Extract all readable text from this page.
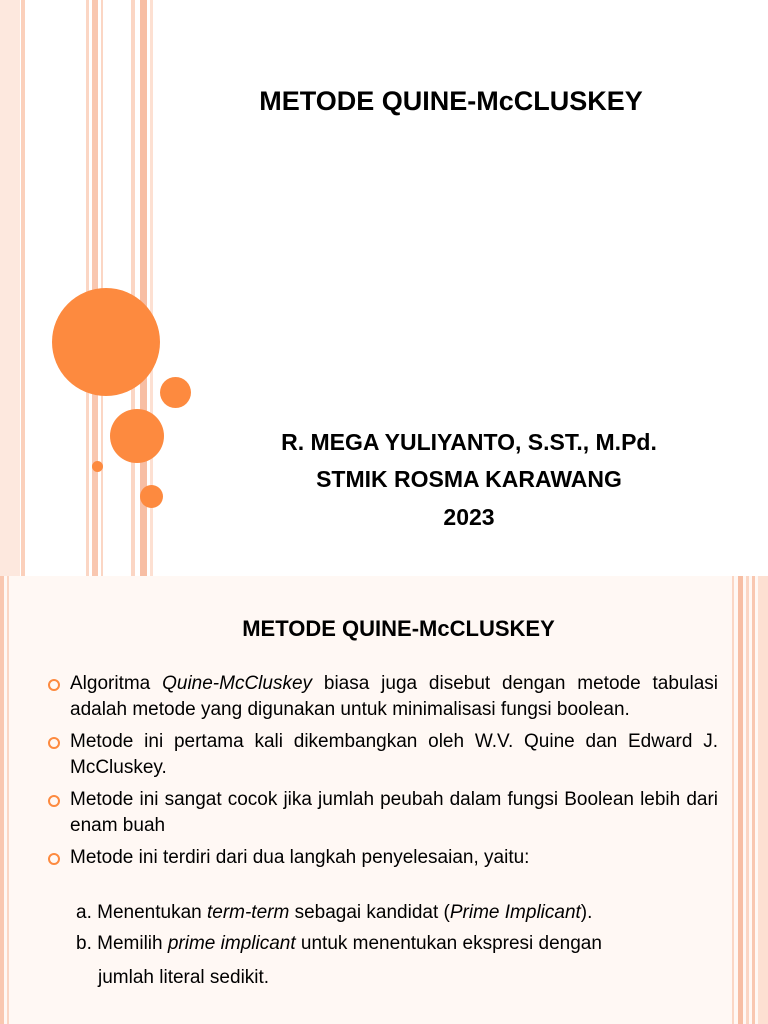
METODE QUINE-McCLUSKEY
R. MEGA YULIYANTO, S.ST., M.Pd.
STMIK ROSMA KARAWANG
2023
METODE QUINE-McCLUSKEY
Algoritma Quine-McCluskey biasa juga disebut dengan metode tabulasi adalah metode yang digunakan untuk minimalisasi fungsi boolean.
Metode ini pertama kali dikembangkan oleh W.V. Quine dan Edward J. McCluskey.
Metode ini sangat cocok jika jumlah peubah dalam fungsi Boolean lebih dari enam buah
Metode ini terdiri dari dua langkah penyelesaian, yaitu:
a. Menentukan term-term sebagai kandidat (Prime Implicant).
b. Memilih prime implicant untuk menentukan ekspresi dengan
jumlah literal sedikit.
